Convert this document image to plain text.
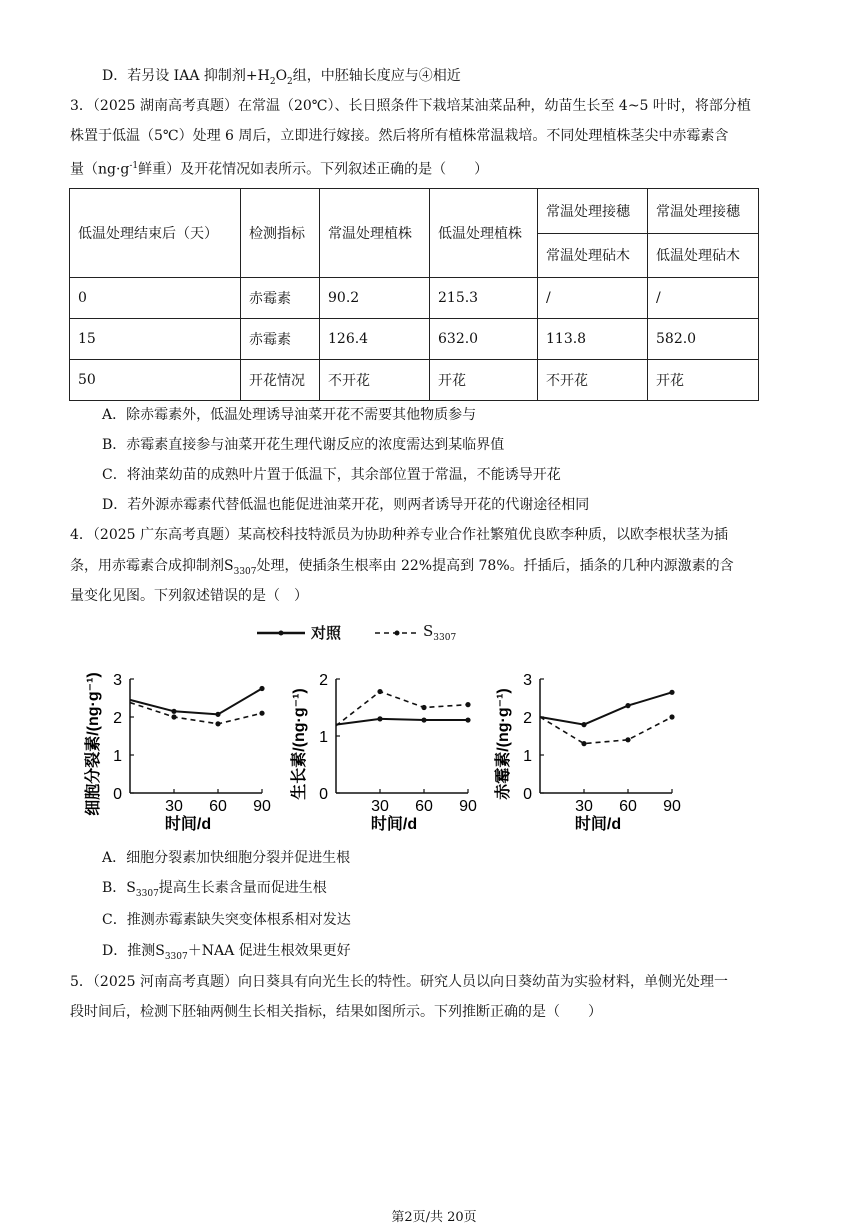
D．若另设 IAA 抑制剂$+H_2O_2$组，中胚轴长度应与④相近
3．（2025 湖南高考真题）在常温（20℃）、长日照条件下栽培某油菜品种，幼苗生长至 4~5 叶时，将部分植
株置于低温（5℃）处理 6 周后，立即进行嫁接。然后将所有植株常温栽培。不同处理植株茎尖中赤霉素含
量（$ng\cdot g^{-1}$鲜重）及开花情况如表所示。下列叙述正确的是（　　）
低温处理结束后（天）	检测指标	常温处理植株	低温处理植株	常温处理接穗	常温处理接穗
				常温处理砧木	低温处理砧木
0	赤霉素	90.2	215.3	/	/
15	赤霉素	126.4	632.0	113.8	582.0
50	开花情况	不开花	开花	不开花	开花
A．除赤霉素外，低温处理诱导油菜开花不需要其他物质参与
B．赤霉素直接参与油菜开花生理代谢反应的浓度需达到某临界值
C．将油菜幼苗的成熟叶片置于低温下，其余部位置于常温，不能诱导开花
D．若外源赤霉素代替低温也能促进油菜开花，则两者诱导开花的代谢途径相同
4．（2025 广东高考真题）某高校科技特派员为协助种养专业合作社繁殖优良欧李种质，以欧李根状茎为插
条，用赤霉素合成抑制剂$S_{3307}$处理，使插条生根率由 22%提高到 78%。扦插后，插条的几种内源激素的含
量变化见图。下列叙述错误的是（　）
对照	$S_{3307}$
0
1
2
3
30 60 90
时间/d
细胞分裂素/(ng·g⁻¹)	0
1
2
30 60 90
时间/d
生长素/(ng·g⁻¹)	0
1
2
3
30 60 90
时间/d
赤霉素/(ng·g⁻¹)
A．细胞分裂素加快细胞分裂并促进生根
B．$S_{3307}$提高生长素含量而促进生根
C．推测赤霉素缺失突变体根系相对发达
D．推测$S_{3307}+NAA$ 促进生根效果更好
5．（2025 河南高考真题）向日葵具有向光生长的特性。研究人员以向日葵幼苗为实验材料，单侧光处理一
段时间后，检测下胚轴两侧生长相关指标，结果如图所示。下列推断正确的是（　　）
第2页/共 20页
